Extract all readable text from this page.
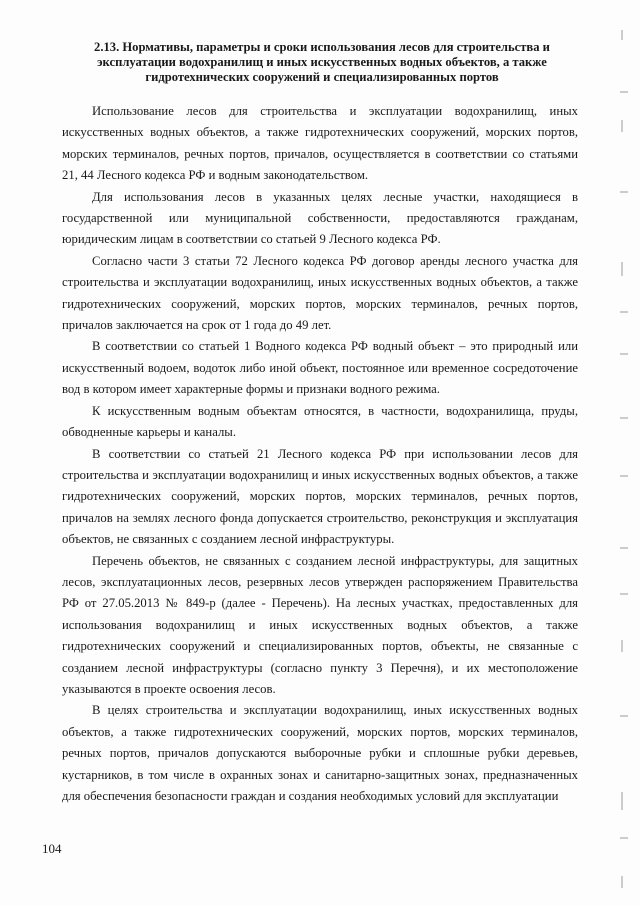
2.13. Нормативы, параметры и сроки использования лесов для строительства и
эксплуатации водохранилищ и иных искусственных водных объектов, а также
гидротехнических сооружений и специализированных портов

Использование лесов для строительства и эксплуатации водохранилищ, иных искусственных водных объектов, а также гидротехнических сооружений, морских портов, морских терминалов, речных портов, причалов, осуществляется в соответствии со статьями 21, 44 Лесного кодекса РФ и водным законодательством.

Для использования лесов в указанных целях лесные участки, находящиеся в государственной или муниципальной собственности, предоставляются гражданам, юридическим лицам в соответствии со статьей 9 Лесного кодекса РФ.

Согласно части 3 статьи 72 Лесного кодекса РФ договор аренды лесного участка для строительства и эксплуатации водохранилищ, иных искусственных водных объектов, а также гидротехнических сооружений, морских портов, морских терминалов, речных портов, причалов заключается на срок от 1 года до 49 лет.

В соответствии со статьей 1 Водного кодекса РФ водный объект – это природный или искусственный водоем, водоток либо иной объект, постоянное или временное сосредоточение вод в котором имеет характерные формы и признаки водного режима.

К искусственным водным объектам относятся, в частности, водохранилища, пруды, обводненные карьеры и каналы.

В соответствии со статьей 21 Лесного кодекса РФ при использовании лесов для строительства и эксплуатации водохранилищ и иных искусственных водных объектов, а также гидротехнических сооружений, морских портов, морских терминалов, речных портов, причалов на землях лесного фонда допускается строительство, реконструкция и эксплуатация объектов, не связанных с созданием лесной инфраструктуры.

Перечень объектов, не связанных с созданием лесной инфраструктуры, для защитных лесов, эксплуатационных лесов, резервных лесов утвержден распоряжением Правительства РФ от 27.05.2013 № 849-р (далее - Перечень). На лесных участках, предоставленных для использования водохранилищ и иных искусственных водных объектов, а также гидротехнических сооружений и специализированных портов, объекты, не связанные с созданием лесной инфраструктуры (согласно пункту 3 Перечня), и их местоположение указываются в проекте освоения лесов.

В целях строительства и эксплуатации водохранилищ, иных искусственных водных объектов, а также гидротехнических сооружений, морских портов, морских терминалов, речных портов, причалов допускаются выборочные рубки и сплошные рубки деревьев, кустарников, в том числе в охранных зонах и санитарно-защитных зонах, предназначенных для обеспечения безопасности граждан и создания необходимых условий для эксплуатации

104
